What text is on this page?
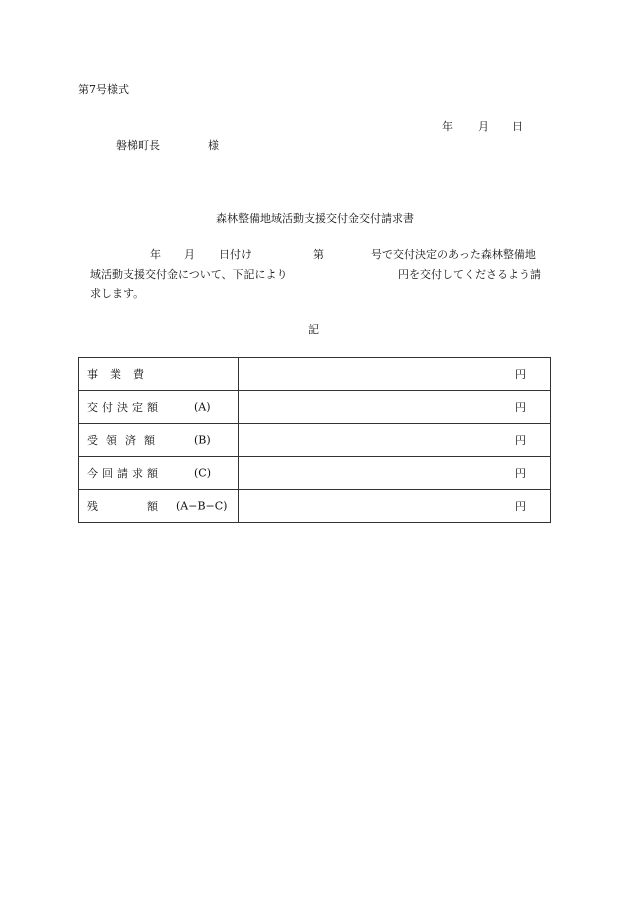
第7号様式
年 月 日
磐梯町長	様
森林整備地域活動支援交付金交付請求書
年 月 日付け	第	号で交付決定のあった森林整備地
域活動支援交付金について、下記により	円を交付してくださるよう請
求します。
記
事業費	円

交付決定額 (A)	円

受領済額 (B)	円

今回請求額 (C)	円

残 額 (A−B−C)	円
